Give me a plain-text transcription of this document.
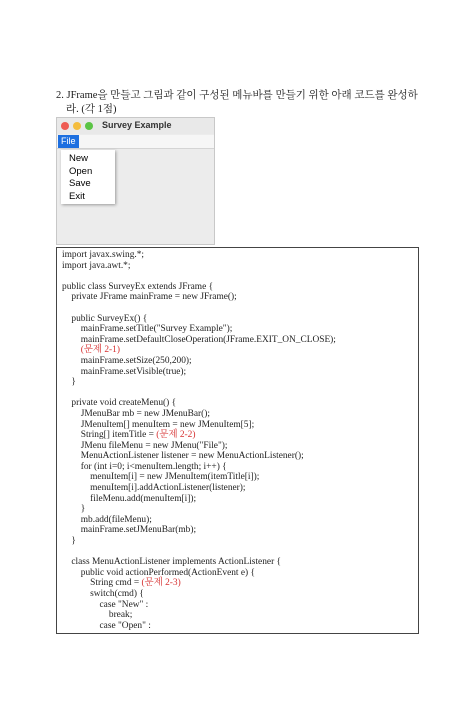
2. JFrame을 만들고 그림과 같이 구성된 메뉴바를 만들기 위한 아래 코드를 완성하
라. (각 1점)
Survey Example
File
New
Open
Save
Exit
import javax.swing.*;
import java.awt.*;
public class SurveyEx extends JFrame {
private JFrame mainFrame = new JFrame();
public SurveyEx() {
mainFrame.setTitle("Survey Example");
mainFrame.setDefaultCloseOperation(JFrame.EXIT_ON_CLOSE);
(문제 2-1)
mainFrame.setSize(250,200);
mainFrame.setVisible(true);
}
private void createMenu() {
JMenuBar mb = new JMenuBar();
JMenuItem[] menuItem = new JMenuItem[5];
String[] itemTitle = (문제 2-2)
JMenu fileMenu = new JMenu("File");
MenuActionListener listener = new MenuActionListener();
for (int i=0; i<menuItem.length; i++) {
menuItem[i] = new JMenuItem(itemTitle[i]);
menuItem[i].addActionListener(listener);
fileMenu.add(menuItem[i]);
}
mb.add(fileMenu);
mainFrame.setJMenuBar(mb);
}
class MenuActionListener implements ActionListener {
public void actionPerformed(ActionEvent e) {
String cmd = (문제 2-3)
switch(cmd) {
case "New" :
break;
case "Open" :
